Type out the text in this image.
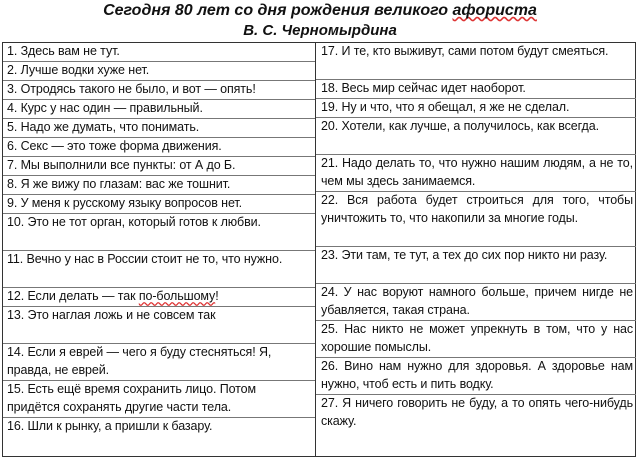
Сегодня 80 лет со дня рождения великого афориста
В. С. Черномырдина
1. Здесь вам не тут.
2. Лучше водки хуже нет.
3. Отродясь такого не было, и вот — опять!
4. Курс у нас один — правильный.
5. Надо же думать, что понимать.
6. Секс — это тоже форма движения.
7. Мы выполнили все пункты: от А до Б.
8. Я же вижу по глазам: вас же тошнит.
9. У меня к русскому языку вопросов нет.
10. Это не тот орган, который готов к любви.
11. Вечно у нас в России стоит не то, что нужно.
12. Если делать — так по-большому!
13. Это наглая ложь и не совсем так
14. Если я еврей — чего я буду стесняться! Я, правда, не еврей.
15. Есть ещё время сохранить лицо. Потом придётся сохранять другие части тела.
16. Шли к рынку, а пришли к базару.
17. И те, кто выживут, сами потом будут смеяться.
18. Весь мир сейчас идет наоборот.
19. Ну и что, что я обещал, я же не сделал.
20. Хотели, как лучше, а получилось, как всегда.
21. Надо делать то, что нужно нашим людям, а не то, чем мы здесь занимаемся.
22. Вся работа будет строиться для того, чтобы уничтожить то, что накопили за многие годы.
23. Эти там, те тут, а тех до сих пор никто ни разу.
24. У нас воруют намного больше, причем нигде не убавляется, такая страна.
25. Нас никто не может упрекнуть в том, что у нас хорошие помыслы.
26. Вино нам нужно для здоровья. А здоровье нам нужно, чтоб есть и пить водку.
27. Я ничего говорить не буду, а то опять чего-нибудь скажу.
